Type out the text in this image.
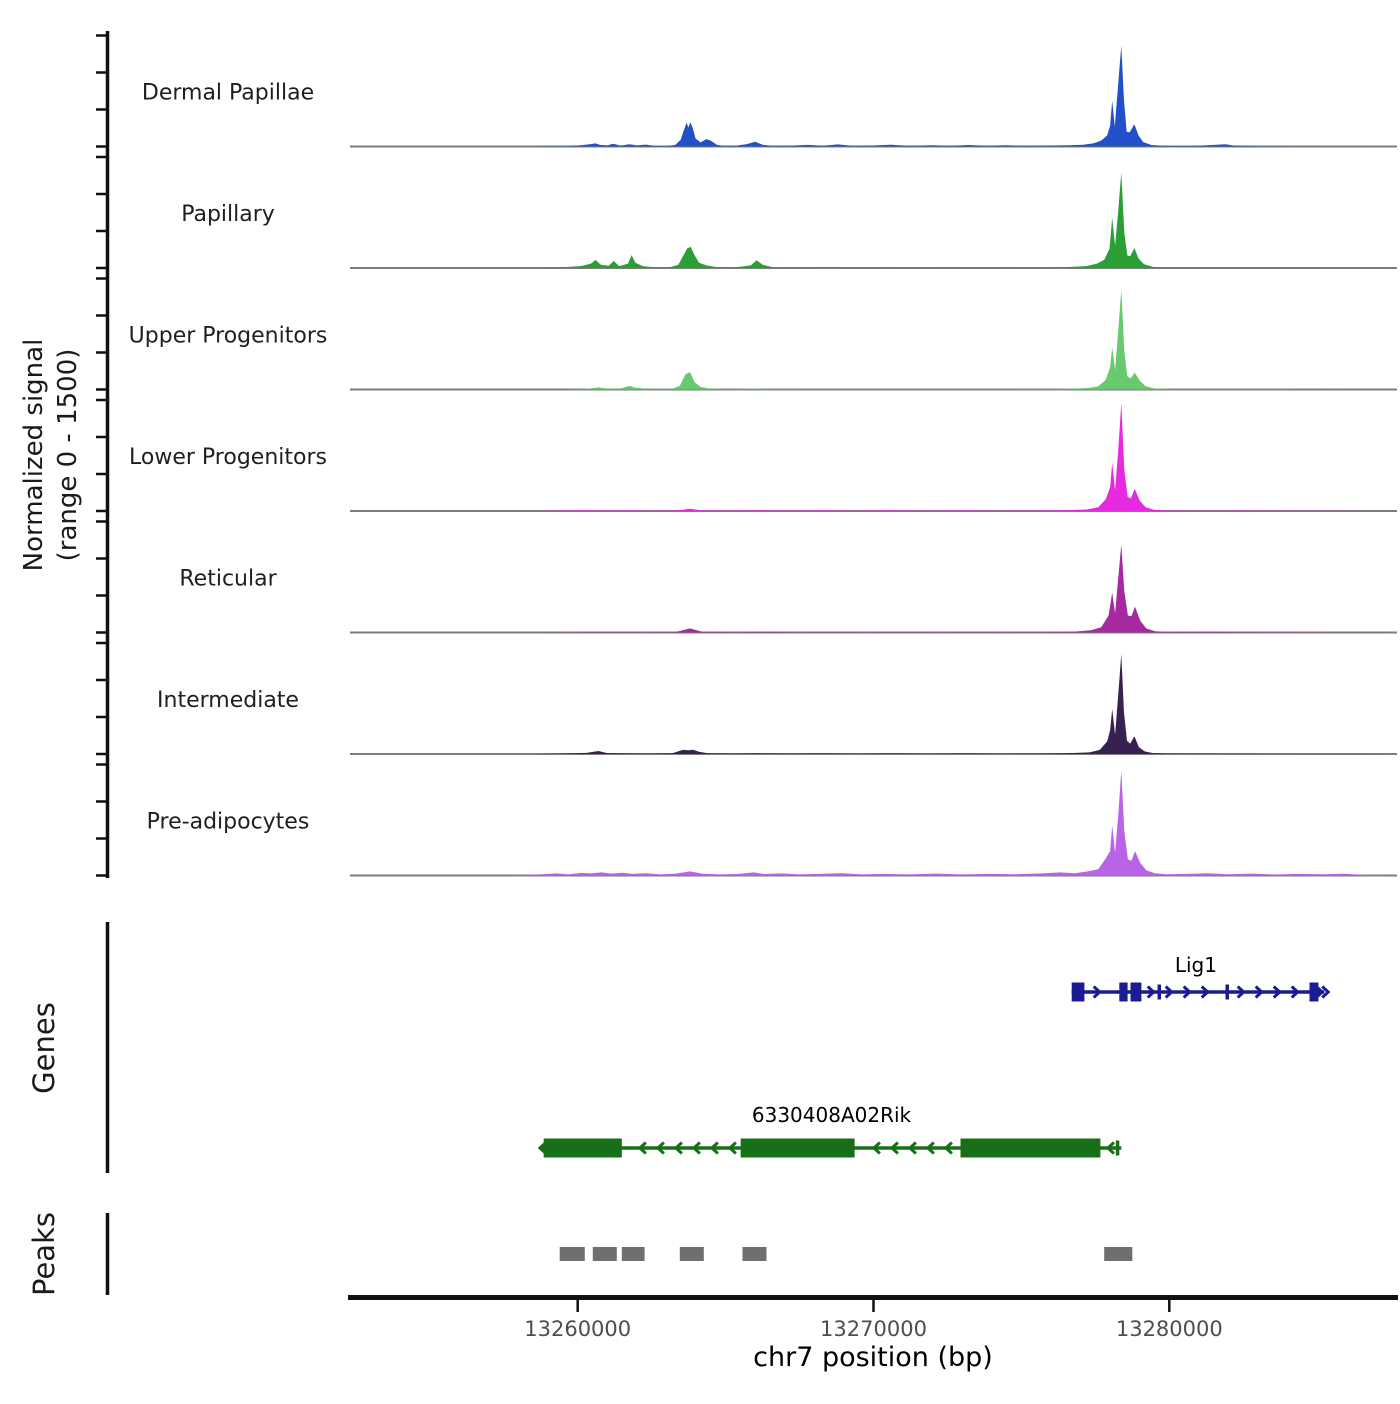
Dermal Papillae
Papillary
Upper Progenitors
Lower Progenitors
Reticular
Intermediate
Pre-adipocytes
Lig1
6330408A02Rik
13260000	13270000	13280000
Normalized signal (range 0 - 1500)
Genes
Peaks
chr7 position (bp)
